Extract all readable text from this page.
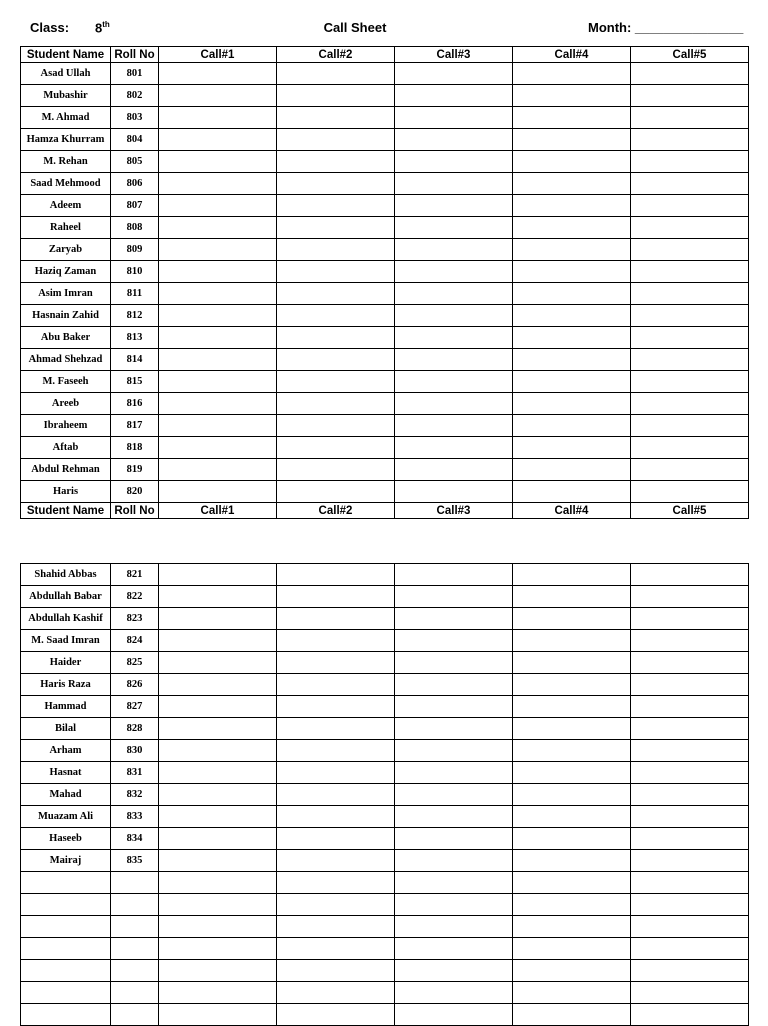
Class: 8th	Call Sheet	Month: _______________
Student Name	Roll No	Call#1	Call#2	Call#3	Call#4	Call#5
Asad Ullah	801					
Mubashir	802					
M. Ahmad	803					
Hamza Khurram	804					
M. Rehan	805					
Saad Mehmood	806					
Adeem	807					
Raheel	808					
Zaryab	809					
Haziq Zaman	810					
Asim Imran	811					
Hasnain Zahid	812					
Abu Baker	813					
Ahmad Shehzad	814					
M. Faseeh	815					
Areeb	816					
Ibraheem	817					
Aftab	818					
Abdul Rehman	819					
Haris	820					
Student Name	Roll No	Call#1	Call#2	Call#3	Call#4	Call#5
Shahid Abbas	821					
Abdullah Babar	822					
Abdullah Kashif	823					
M. Saad Imran	824					
Haider	825					
Haris Raza	826					
Hammad	827					
Bilal	828					
Arham	830					
Hasnat	831					
Mahad	832					
Muazam Ali	833					
Haseeb	834					
Mairaj	835					
